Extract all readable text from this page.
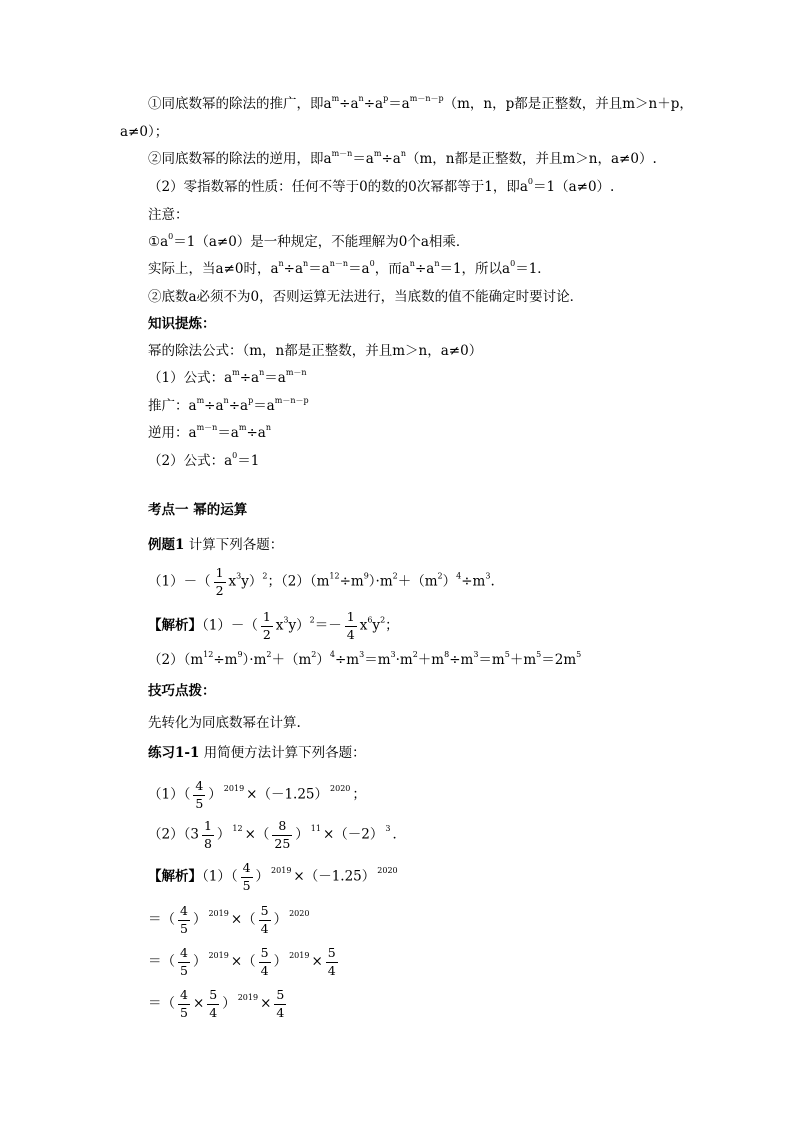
①同底数幂的除法的推广，即$a^m\div a^n\div a^p=a^{m-n-p}(m$，n，p都是正整数，并且m＞n＋p，
a≠0）；
②同底数幂的除法的逆用，即$a^{m-n}=a^m\div a^n(m$，n都是正整数，并且m＞n，a≠0）.
（2）零指数幂的性质：任何不等于0的数的0次幂都等于1，即$a^0=1(a\ne 0)$.
注意：
$①a^0=1(a\ne 0)$是一种规定，不能理解为0个a相乘．
实际上，当a≠0时，$a^n\div a^n=a^{n-n}=a^0$，而$a^n\div a^n=1$，所以$a^0=1$．
②底数a必须不为0，否则运算无法进行，当底数的值不能确定时要讨论．
知识提炼：
幂的除法公式：（m，n都是正整数，并且m＞n，a≠0）
（1）公式：$a^m\div a^n=a^{m-n}$
推广：$a^m\div a^n\div a^p=a^{m-n-p}$
逆用：$a^{m-n}=a^m\div a^n$
（2）公式：$a^0=1$
考点一 幂的运算
例题1 计算下列各题：
$(1)-( \frac{1}{2} x^3y)^2$；$(2)(m^{12}\div m^9)\cdot m^2+(m^2)^4\div m^3$.
【解析】$(1)-( \frac{1}{2} x^3y)^2=- \frac{1}{4} x^6y^2$；
$(2)(m^{12}\div m^9)\cdot m^2+(m^2)^4\div m^3=m^3\cdot m^2+m^8\div m^3=m^5+m^5=2m^5$
技巧点拨：
先转化为同底数幂在计算.
练习1-1 用简便方法计算下列各题：
$(1)( \frac{4}{5}$ ） $^{2019}$ ×（－1.25） $^{2020}$ ；
$(2)(3 \frac{1}{8}$ ） $^{12}$ ×（ $\frac{8}{25}$ ） $^{11}$ ×（－2） $^3$ ．
【解析】$(1)( \frac{4}{5}$ ） $^{2019}$ ×（－1.25） $^{2020}$
＝（ $\frac{4}{5}$ ） $^{2019}$ ×（ $\frac{5}{4}$ ） $^{2020}$
＝（ $\frac{4}{5}$ ） $^{2019}$ ×（ $\frac{5}{4}$ ） $^{2019} \times \frac{5}{4}$
＝（ $\frac{4}{5} \times \frac{5}{4}$ ） $^{2019} \times \frac{5}{4}$
